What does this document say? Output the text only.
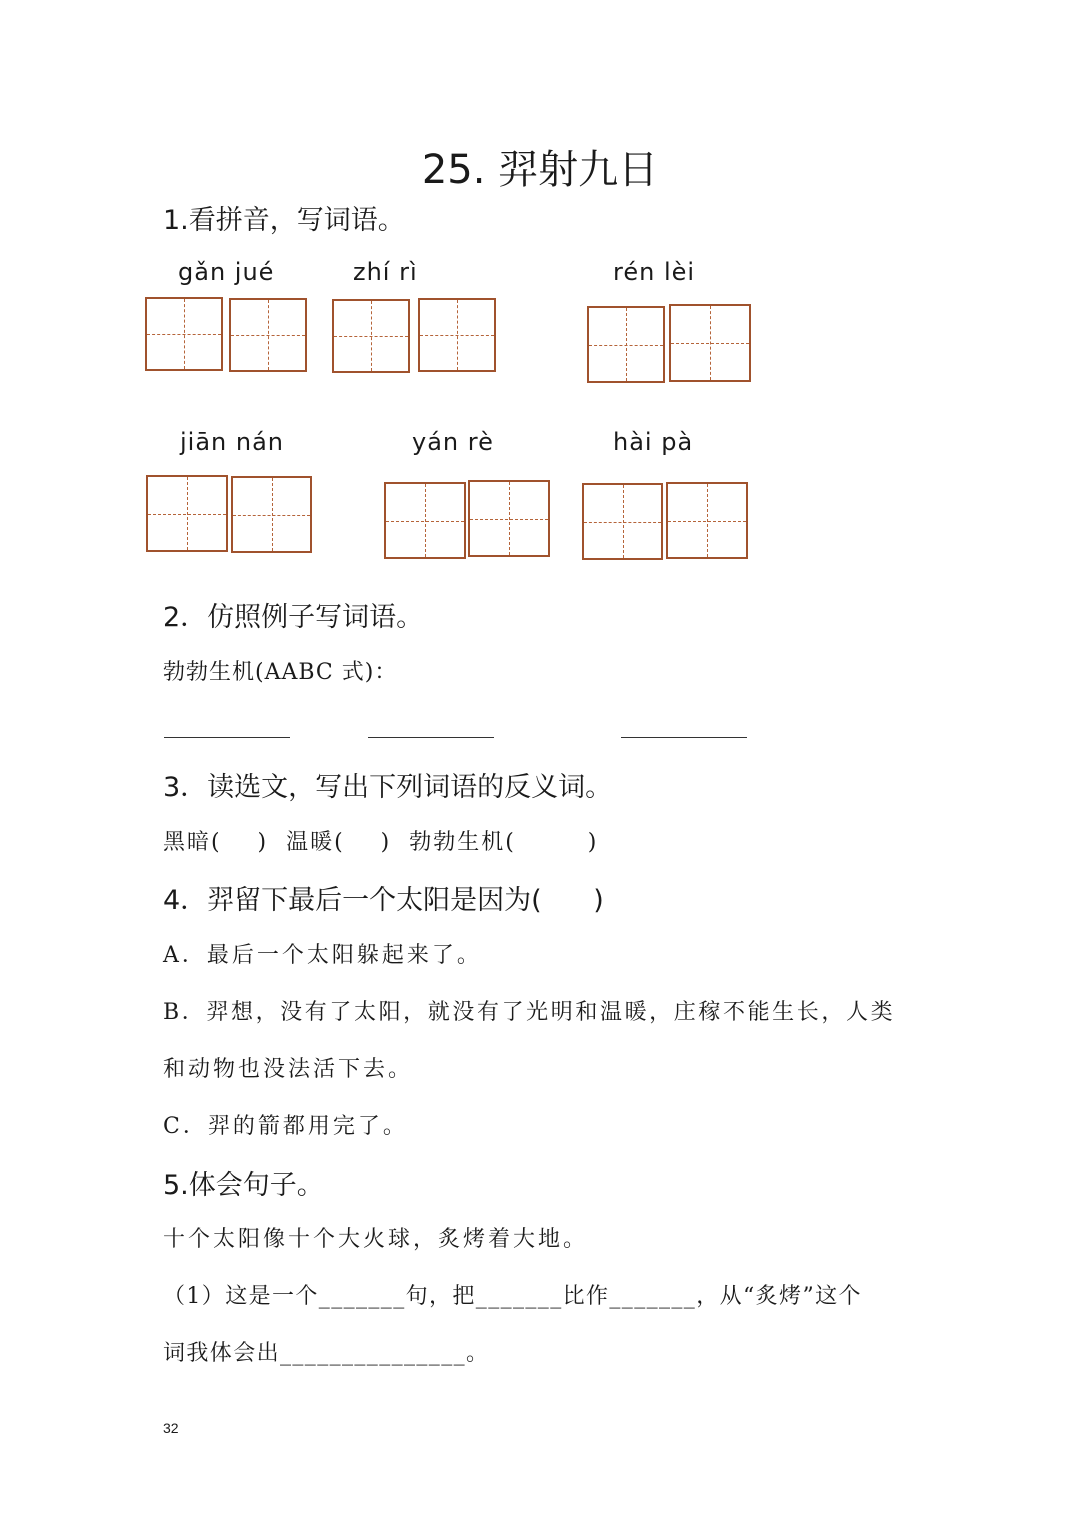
25. 羿射九日
1.看拼音，写词语。
gǎn jué	zhí rì	rén lèi
jiān nán	yán rè	hài pà
2．仿照例子写词语。
勃勃生机(AABC 式)：
3．读选文，写出下列词语的反义词。
黑暗(    )  温暖(    )  勃勃生机(        )
4．羿留下最后一个太阳是因为(      )
A．最后一个太阳躲起来了。
B．羿想，没有了太阳，就没有了光明和温暖，庄稼不能生长，人类
和动物也没法活下去。
C．羿的箭都用完了。
5.体会句子。
十个太阳像十个大火球，炙烤着大地。
（1）这是一个_______句，把_______比作_______，从“炙烤”这个
词我体会出_______________。
32
